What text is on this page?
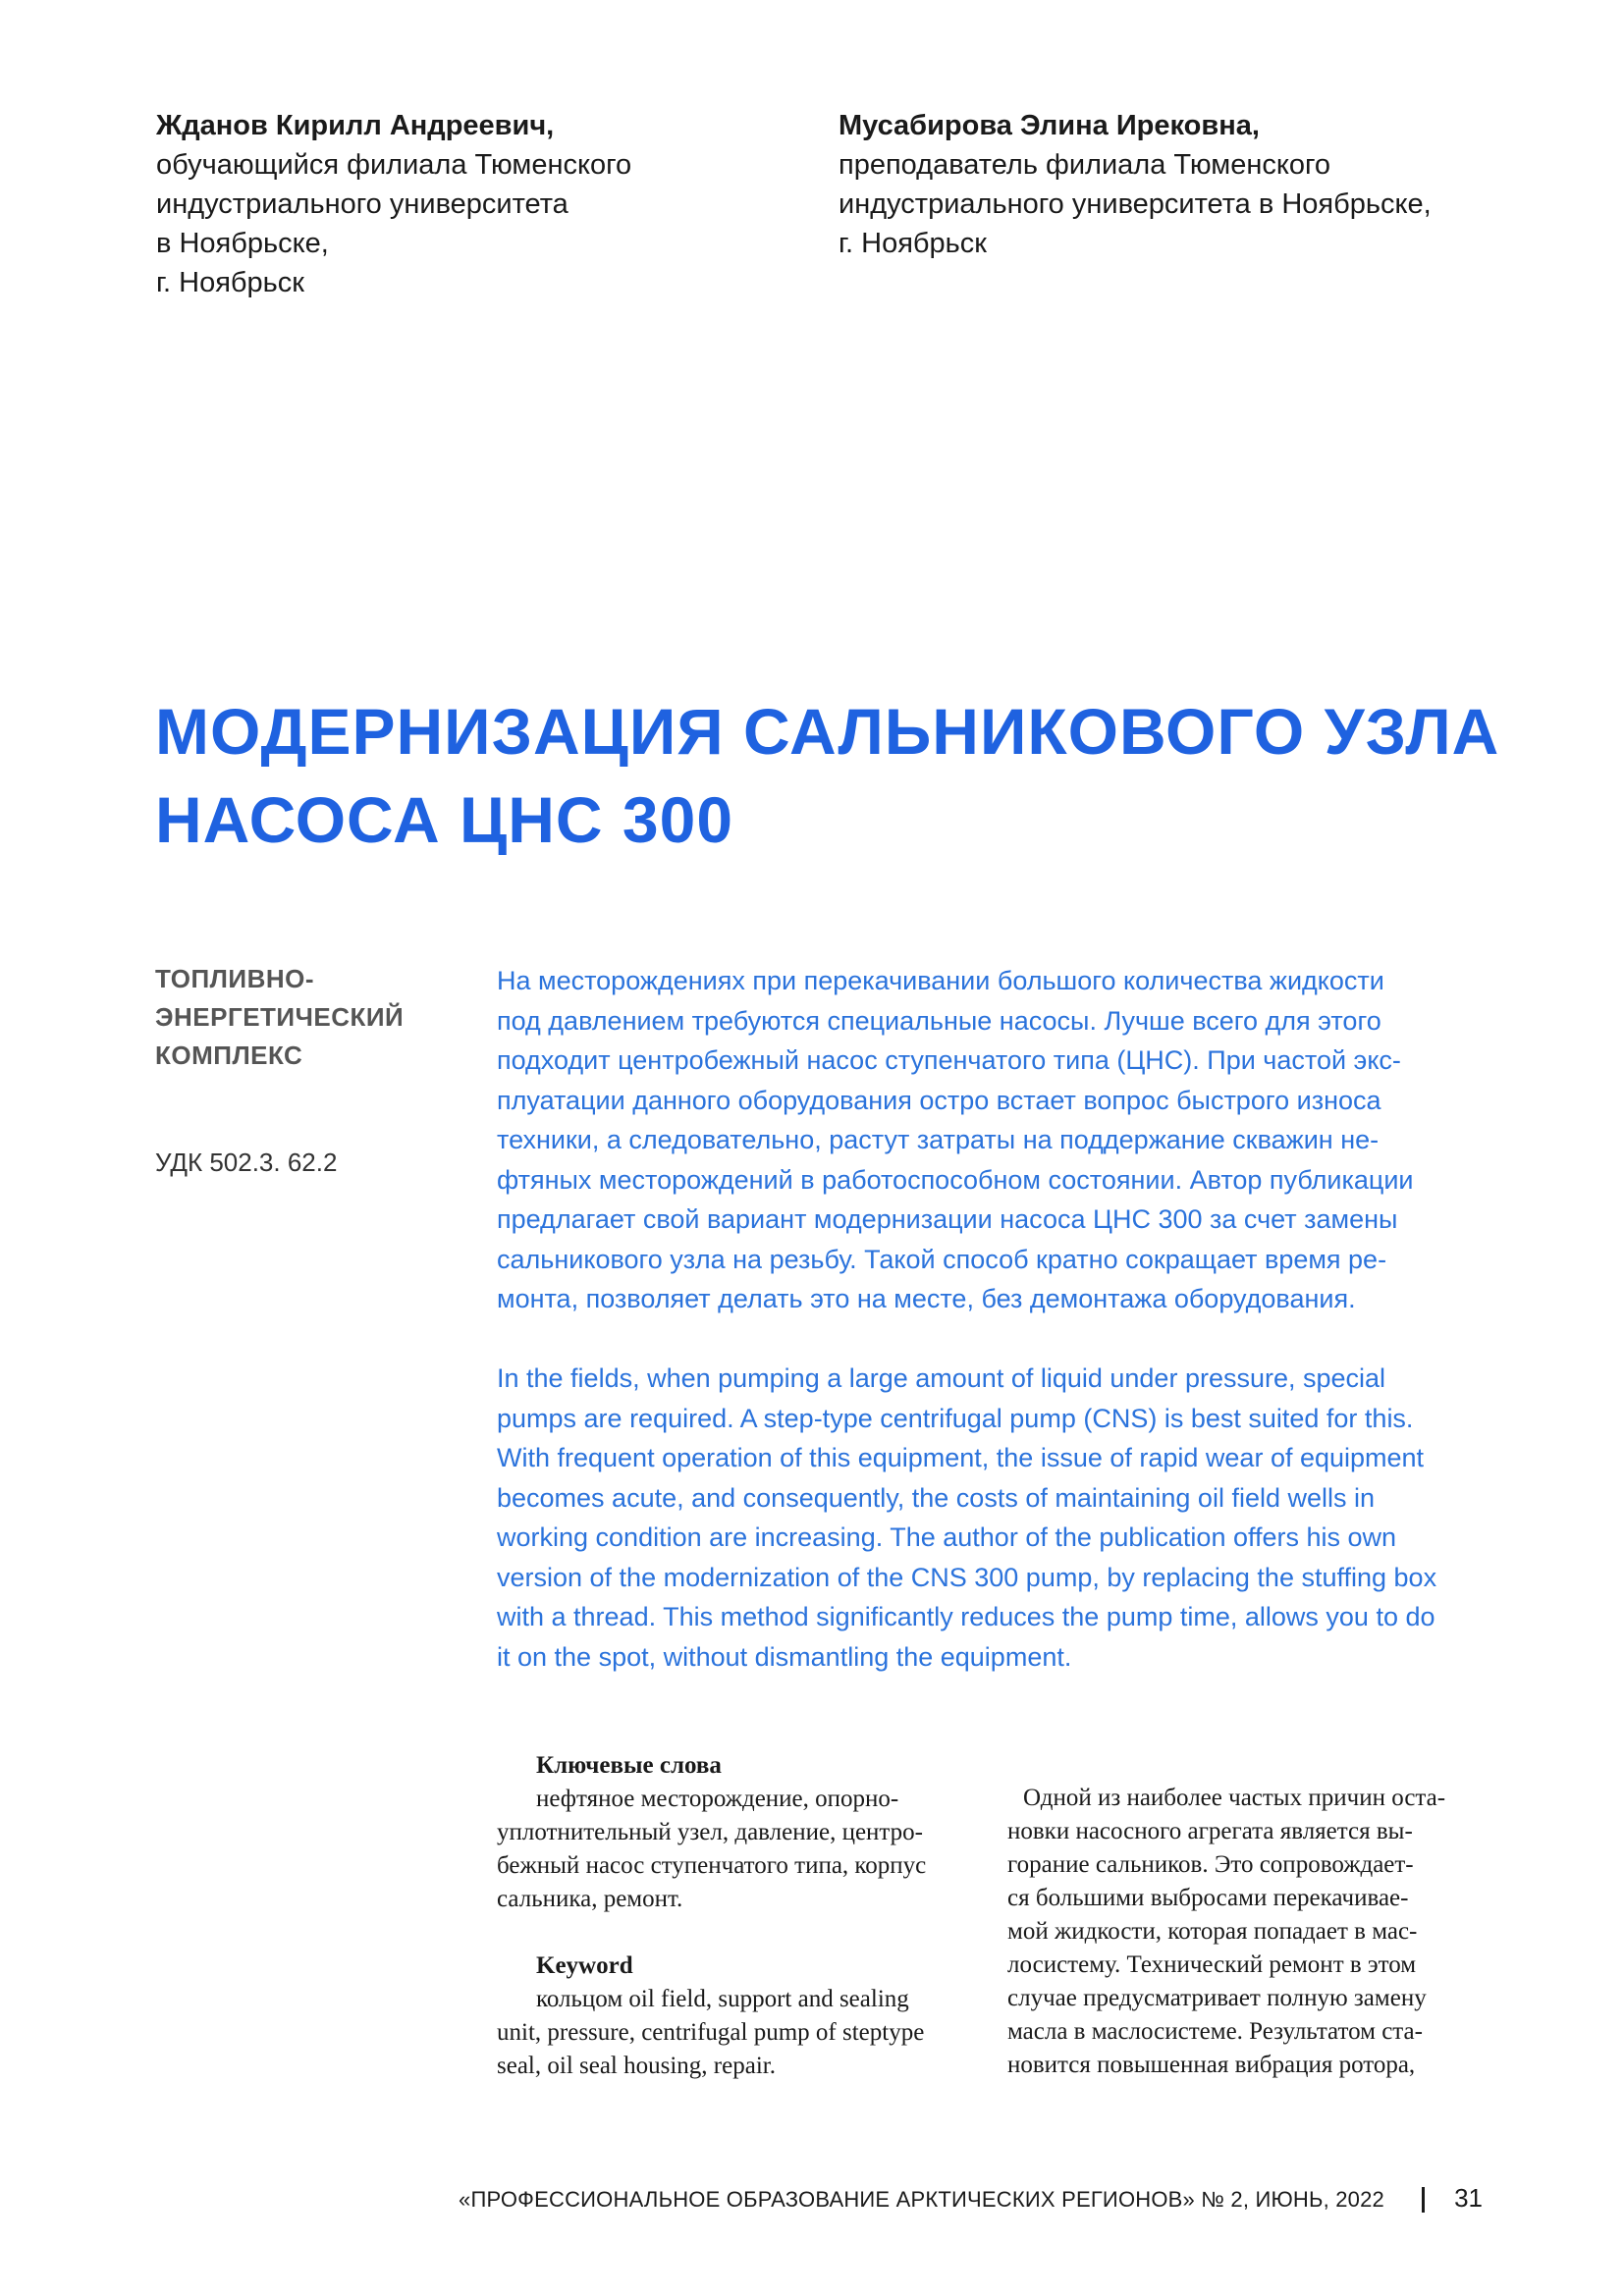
Жданов Кирилл Андреевич,
обучающийся филиала Тюменского
индустриального университета
в Ноябрьске,
г. Ноябрьск
Мусабирова Элина Ирековна,
преподаватель филиала Тюменского
индустриального университета в Ноябрьске,
г. Ноябрьск
МОДЕРНИЗАЦИЯ САЛЬНИКОВОГО УЗЛА
НАСОСА ЦНС 300
ТОПЛИВНО-
ЭНЕРГЕТИЧЕСКИЙ
КОМПЛЕКС
УДК 502.3. 62.2
На месторождениях при перекачивании большого количества жидкости
под давлением требуются специальные насосы. Лучше всего для этого
подходит центробежный насос ступенчатого типа (ЦНС). При частой экс-
плуатации данного оборудования остро встает вопрос быстрого износа
техники, а следовательно, растут затраты на поддержание скважин не-
фтяных месторождений в работоспособном состоянии. Автор публикации
предлагает свой вариант модернизации насоса ЦНС 300 за счет замены
сальникового узла на резьбу. Такой способ кратно сокращает время ре-
монта, позволяет делать это на месте, без демонтажа оборудования.
In the fields, when pumping a large amount of liquid under pressure, special
pumps are required. A step-type centrifugal pump (CNS) is best suited for this.
With frequent operation of this equipment, the issue of rapid wear of equipment
becomes acute, and consequently, the costs of maintaining oil field wells in
working condition are increasing. The author of the publication offers his own
version of the modernization of the CNS 300 pump, by replacing the stuffing box
with a thread. This method significantly reduces the pump time, allows you to do
it on the spot, without dismantling the equipment.
Ключевые слова
нефтяное месторождение, опорно-
уплотнительный узел, давление, центро-
бежный насос ступенчатого типа, корпус
сальника, ремонт.
Keyword
кольцом oil field, support and sealing
unit, pressure, centrifugal pump of steptype
seal, oil seal housing, repair.
Одной из наиболее частых причин оста-
новки насосного агрегата является вы-
горание сальников. Это сопровождает-
ся большими выбросами перекачивае-
мой жидкости, которая попадает в мас-
лосистему. Технический ремонт в этом
случае предусматривает полную замену
масла в маслосистеме. Результатом ста-
новится повышенная вибрация ротора,
«ПРОФЕССИОНАЛЬНОЕ ОБРАЗОВАНИЕ АРКТИЧЕСКИХ РЕГИОНОВ» № 2, ИЮНЬ, 2022	31
